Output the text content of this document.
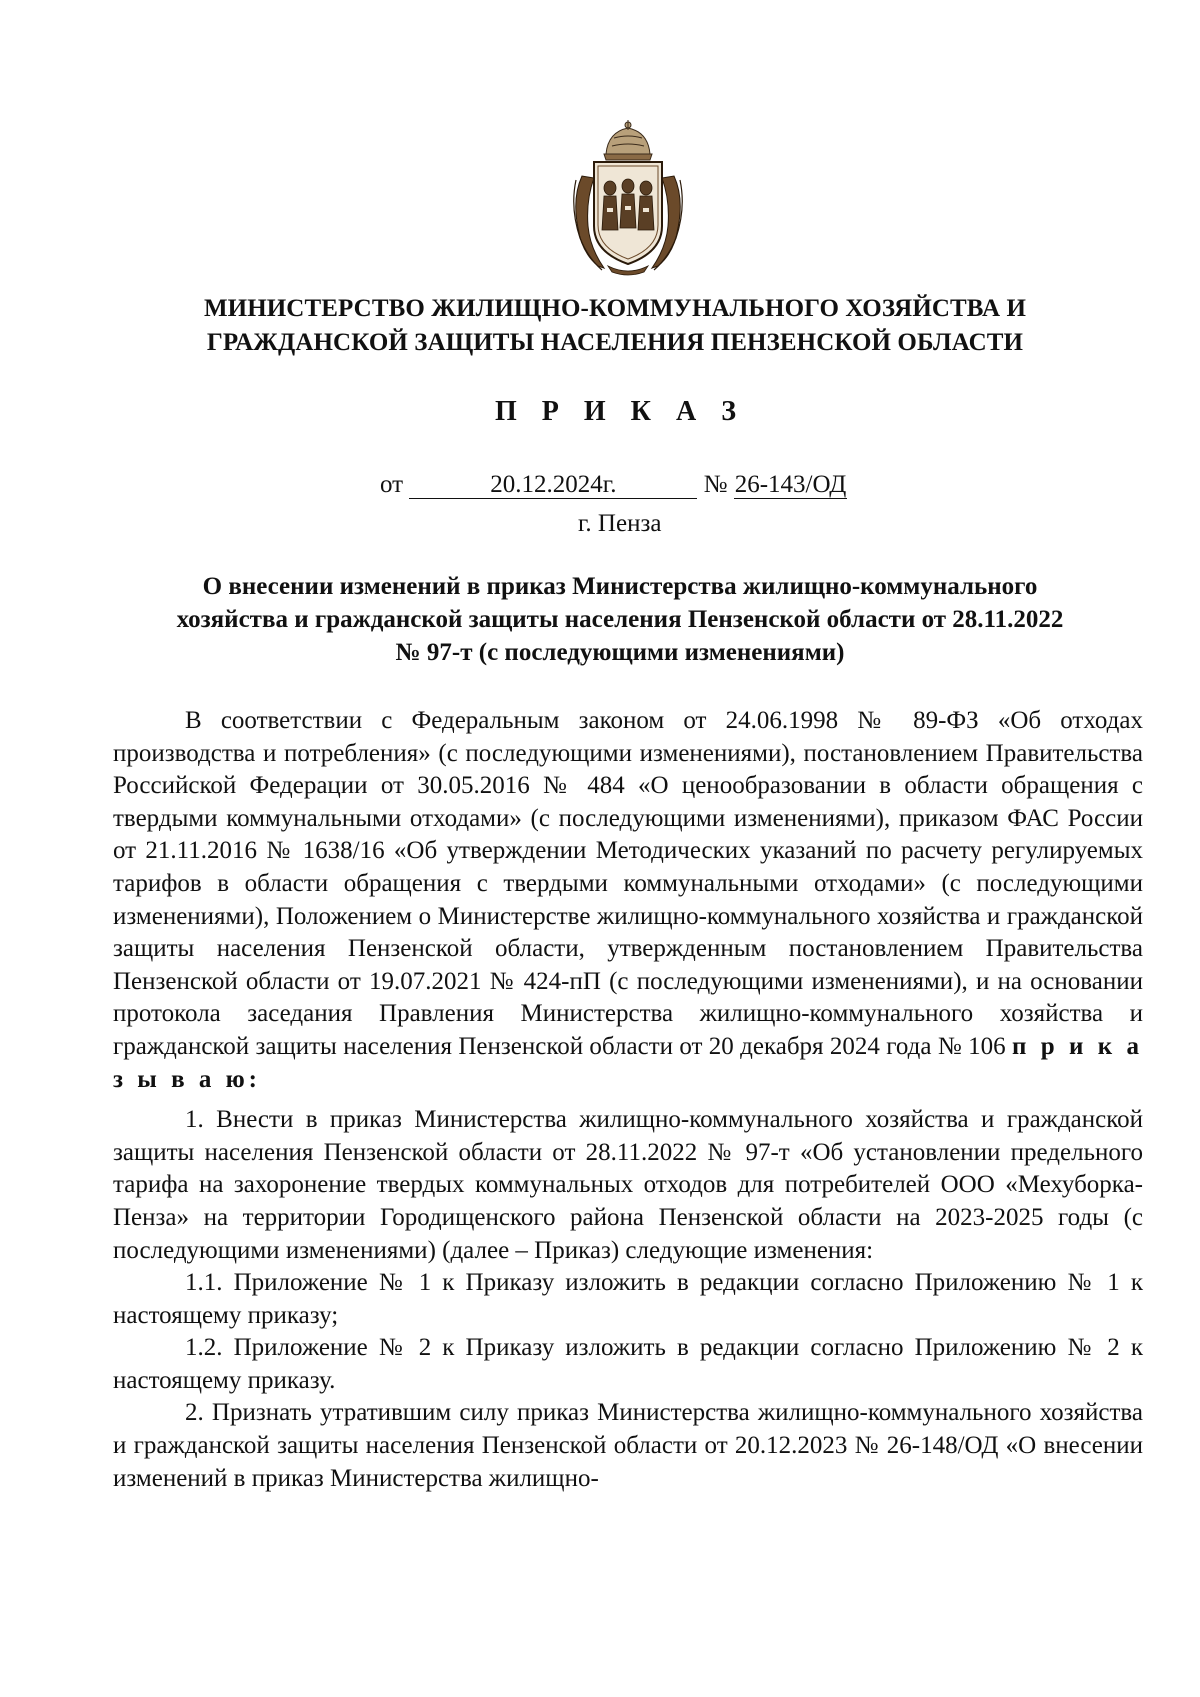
МИНИСТЕРСТВО ЖИЛИЩНО-КОММУНАЛЬНОГО ХОЗЯЙСТВА И
ГРАЖДАНСКОЙ ЗАЩИТЫ НАСЕЛЕНИЯ ПЕНЗЕНСКОЙ ОБЛАСТИ
П Р И К А З
от	20.12.2024г.	№ 26-143/ОД
г. Пенза
О внесении изменений в приказ Министерства жилищно-коммунального
хозяйства и гражданской защиты населения Пензенской области от 28.11.2022
№ 97-т (с последующими изменениями)

В соответствии с Федеральным законом от 24.06.1998 № 89-ФЗ «Об отходах производства и потребления» (с последующими изменениями), постановлением Правительства Российской Федерации от 30.05.2016 № 484 «О ценообразовании в области обращения с твердыми коммунальными отходами» (с последующими изменениями), приказом ФАС России от 21.11.2016 № 1638/16 «Об утверждении Методических указаний по расчету регулируемых тарифов в области обращения с твердыми коммунальными отходами» (с последующими изменениями), Положением о Министерстве жилищно-коммунального хозяйства и гражданской защиты населения Пензенской области, утвержденным постановлением Правительства Пензенской области от 19.07.2021 № 424-пП (с последующими изменениями), и на основании протокола заседания Правления Министерства жилищно-коммунального хозяйства и гражданской защиты населения Пензенской области от 20 декабря 2024 года № 106 п р и к а з ы в а ю:

1. Внести в приказ Министерства жилищно-коммунального хозяйства и гражданской защиты населения Пензенской области от 28.11.2022 № 97-т «Об установлении предельного тарифа на захоронение твердых коммунальных отходов для потребителей ООО «Мехуборка-Пенза» на территории Городищенского района Пензенской области на 2023-2025 годы (с последующими изменениями) (далее – Приказ) следующие изменения:

1.1. Приложение № 1 к Приказу изложить в редакции согласно Приложению № 1 к настоящему приказу;

1.2. Приложение № 2 к Приказу изложить в редакции согласно Приложению № 2 к настоящему приказу.

2. Признать утратившим силу приказ Министерства жилищно-коммунального хозяйства и гражданской защиты населения Пензенской области от 20.12.2023 № 26-148/ОД «О внесении изменений в приказ Министерства жилищно-
